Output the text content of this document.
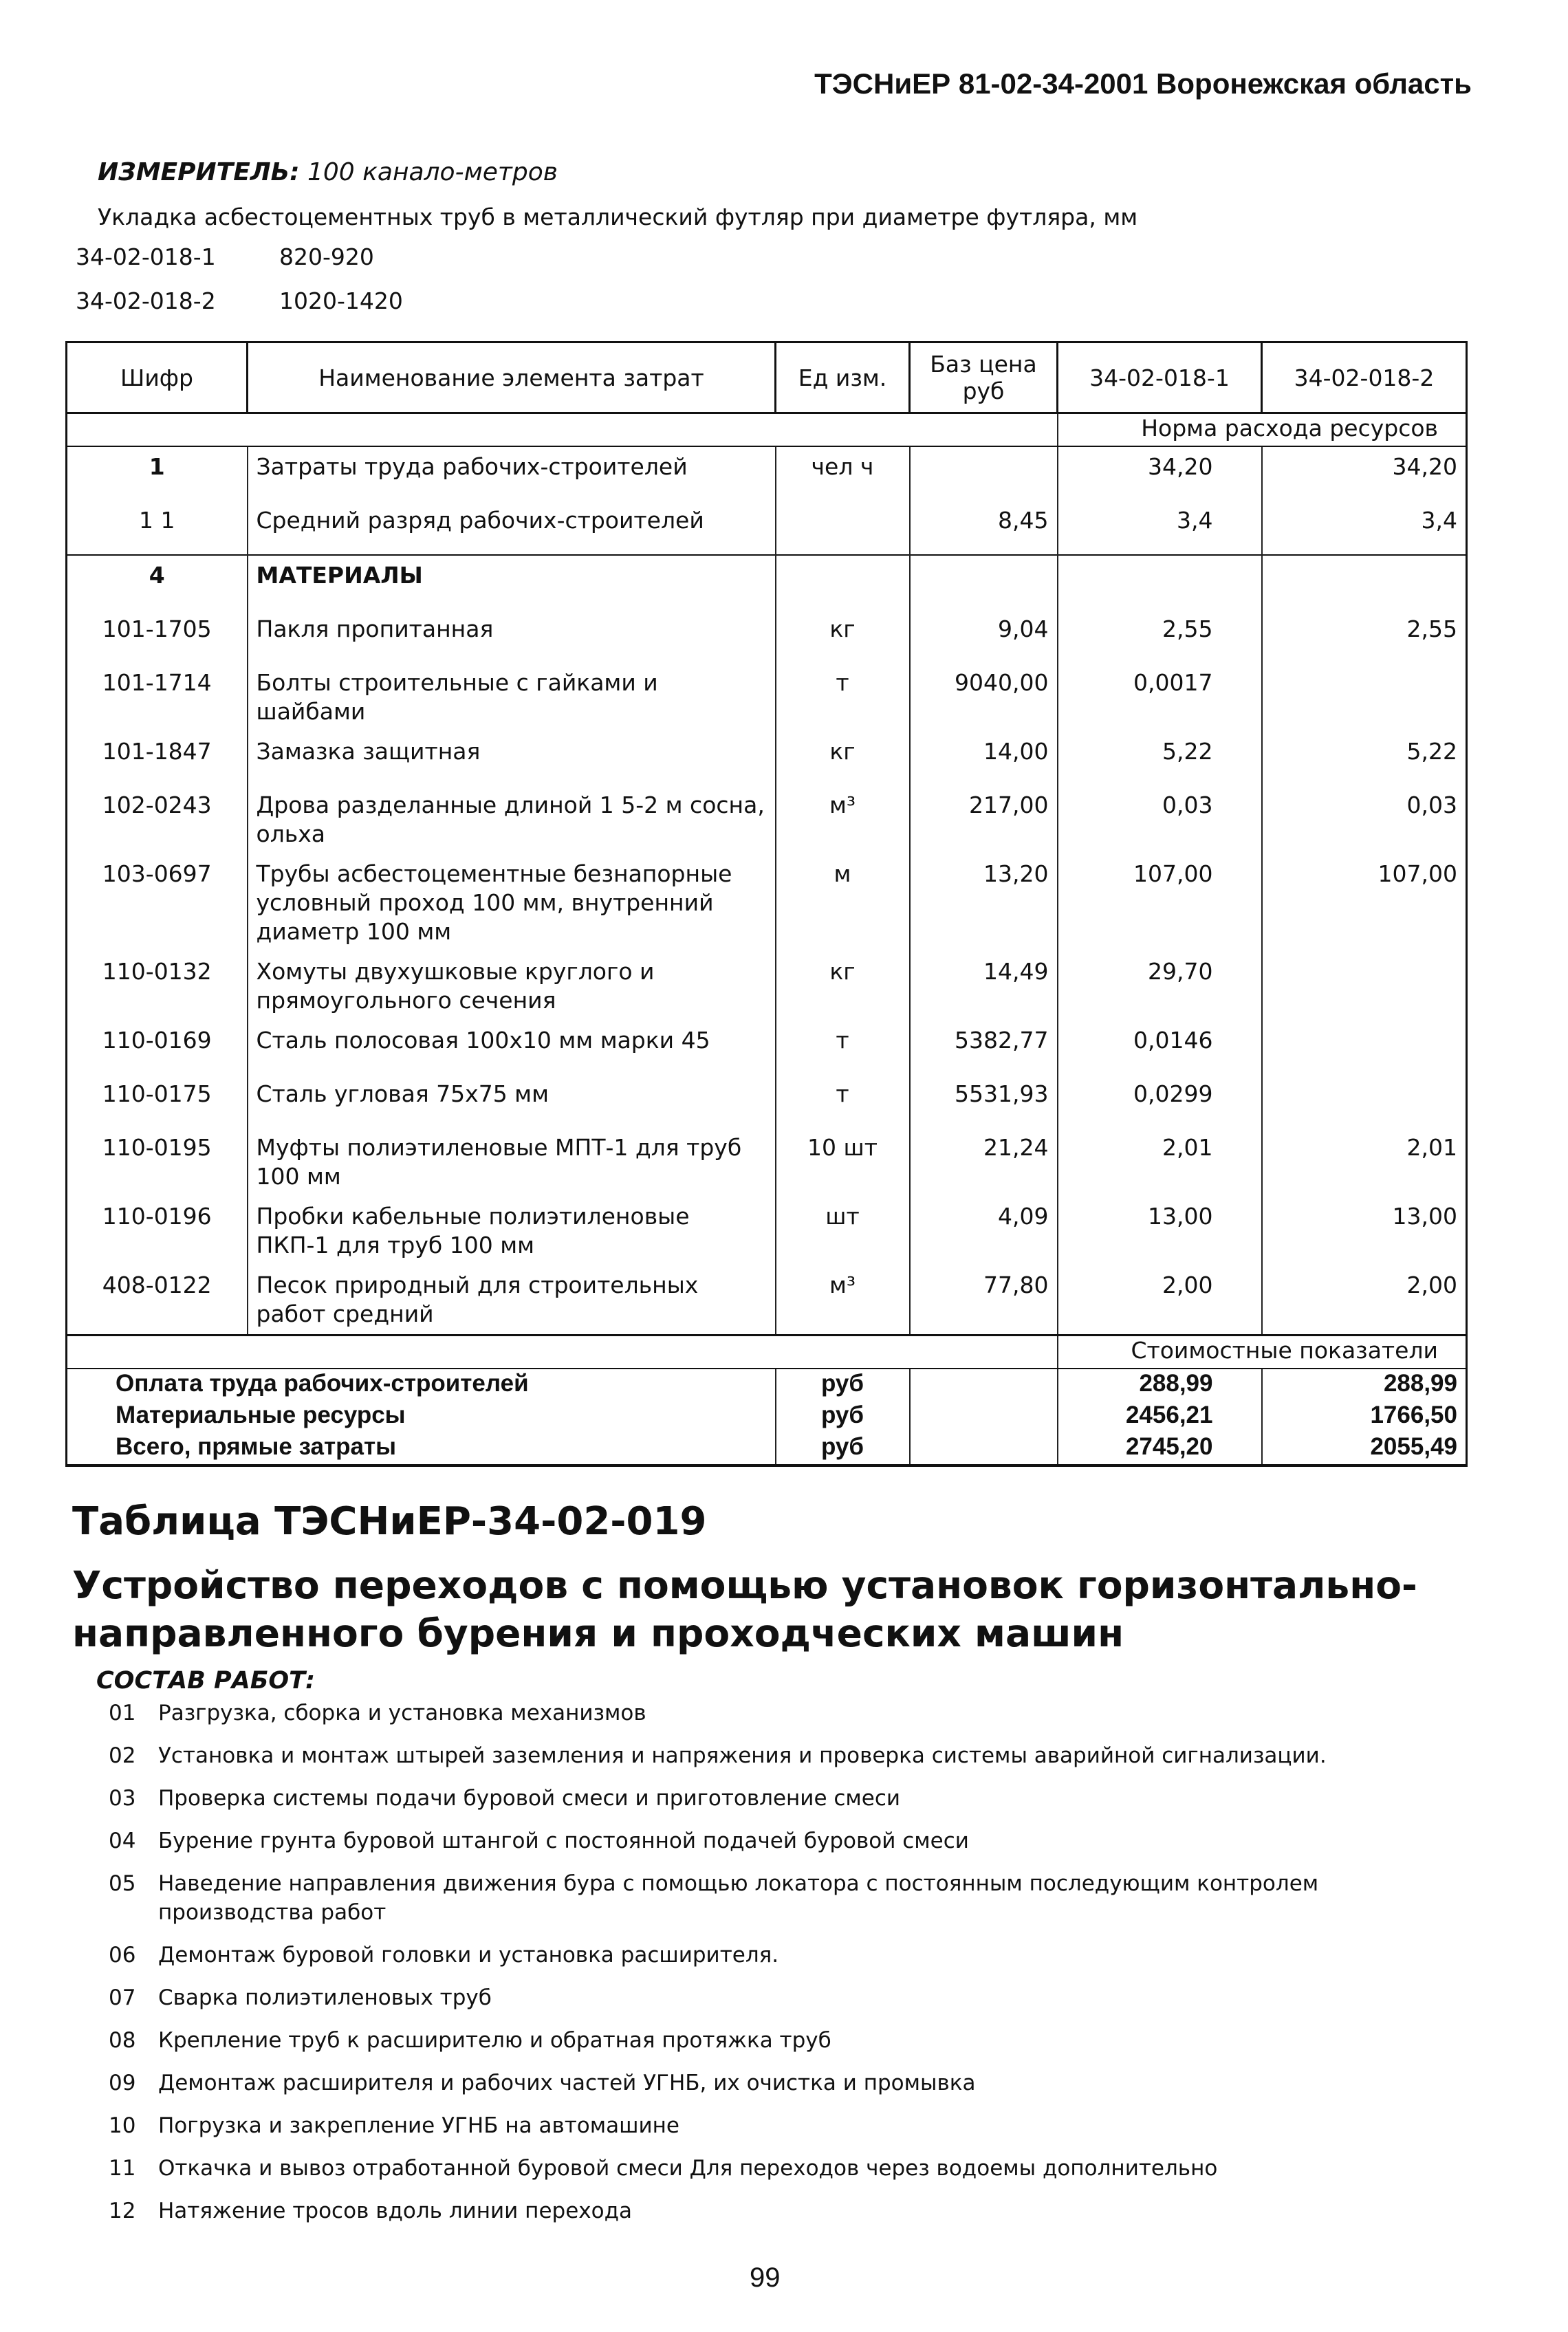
ТЭСНиЕР 81-02-34-2001 Воронежская область
ИЗМЕРИТЕЛЬ: 100 канало-метров
Укладка асбестоцементных труб в металлический футляр при диаметре футляра, мм
34-02-018-1	820-920
34-02-018-2	1020-1420
Шифр	Наименование элемента затрат	Ед изм.	Баз цена руб	34-02-018-1	34-02-018-2
				Норма расхода ресурсов	
1	Затраты труда рабочих-строителей	чел ч		34,20	34,20
1 1	Средний разряд рабочих-строителей		8,45	3,4	3,4
4	МАТЕРИАЛЫ				
101-1705	Пакля пропитанная	кг	9,04	2,55	2,55
101-1714	Болты строительные с гайками и шайбами	т	9040,00	0,0017	
101-1847	Замазка защитная	кг	14,00	5,22	5,22
102-0243	Дрова разделанные длиной 1 5-2 м сосна, ольха	м³	217,00	0,03	0,03
103-0697	Трубы асбестоцементные безнапорные условный проход 100 мм, внутренний диаметр 100 мм	м	13,20	107,00	107,00
110-0132	Хомуты двухушковые круглого и прямоугольного сечения	кг	14,49	29,70	
110-0169	Сталь полосовая 100х10 мм марки 45	т	5382,77	0,0146	
110-0175	Сталь угловая 75х75 мм	т	5531,93	0,0299	
110-0195	Муфты полиэтиленовые МПТ-1 для труб 100 мм	10 шт	21,24	2,01	2,01
110-0196	Пробки кабельные полиэтиленовые ПКП-1 для труб 100 мм	шт	4,09	13,00	13,00
408-0122	Песок природный для строительных работ средний	м³	77,80	2,00	2,00
				Стоимостные показатели	
Оплата труда рабочих-строителей		руб		288,99	288,99
Материальные ресурсы		руб		2456,21	1766,50
Всего, прямые затраты		руб		2745,20	2055,49
Таблица ТЭСНиЕР-34-02-019
Устройство переходов с помощью установок горизонтально-направленного бурения и проходческих машин
СОСТАВ РАБОТ:
01	Разгрузка, сборка и установка механизмов
02	Установка и монтаж штырей заземления и напряжения и проверка системы аварийной сигнализации.
03	Проверка системы подачи буровой смеси и приготовление смеси
04	Бурение грунта буровой штангой с постоянной подачей буровой смеси
05	Наведение направления движения бура с помощью локатора с постоянным последующим контролем производства работ
06	Демонтаж буровой головки и установка расширителя.
07	Сварка полиэтиленовых труб
08	Крепление труб к расширителю и обратная протяжка труб
09	Демонтаж расширителя и рабочих частей УГНБ, их очистка и промывка
10	Погрузка и закрепление УГНБ на автомашине
11	Откачка и вывоз отработанной буровой смеси Для переходов через водоемы дополнительно
12	Натяжение тросов вдоль линии перехода
99
